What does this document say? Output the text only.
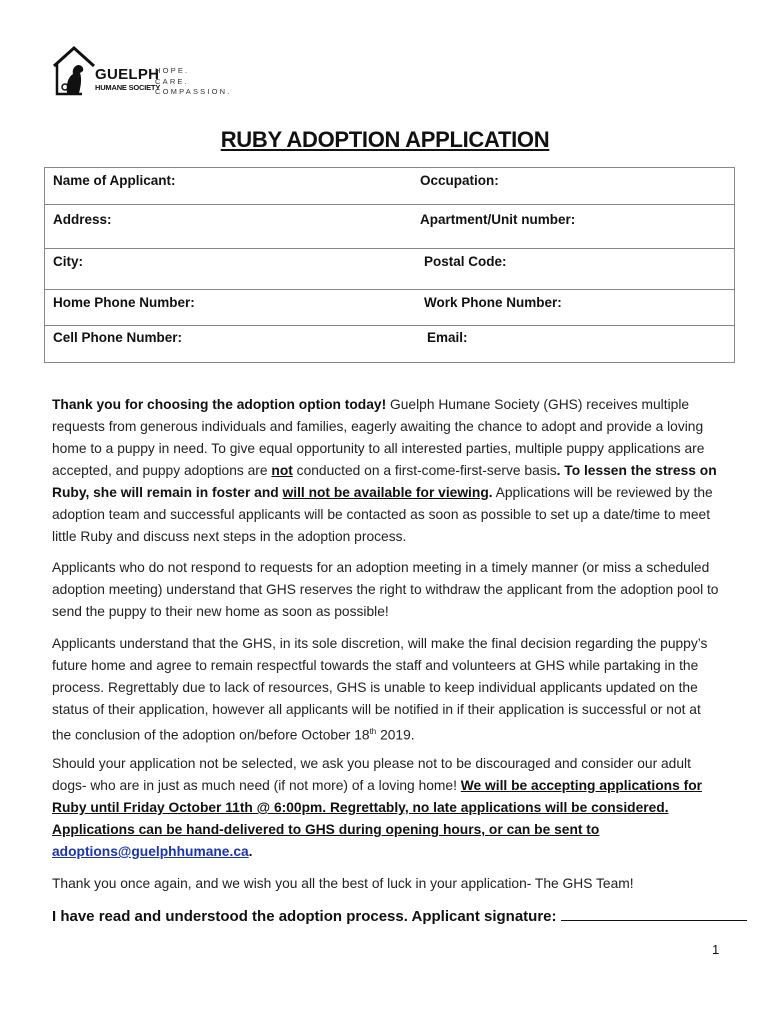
GUELPH
HUMANE SOCIETY
HOPE.
CARE.
COMPASSION.
RUBY ADOPTION APPLICATION
Name of Applicant:	Occupation:
Address:	Apartment/Unit number:
City:	Postal Code:
Home Phone Number:	Work Phone Number:
Cell Phone Number:	Email:

Thank you for choosing the adoption option today! Guelph Humane Society (GHS) receives multiple requests from generous individuals and families, eagerly awaiting the chance to adopt and provide a loving home to a puppy in need. To give equal opportunity to all interested parties, multiple puppy applications are accepted, and puppy adoptions are not conducted on a first-come-first-serve basis. To lessen the stress on Ruby, she will remain in foster and will not be available for viewing. Applications will be reviewed by the adoption team and successful applicants will be contacted as soon as possible to set up a date/time to meet little Ruby and discuss next steps in the adoption process.

Applicants who do not respond to requests for an adoption meeting in a timely manner (or miss a scheduled adoption meeting) understand that GHS reserves the right to withdraw the applicant from the adoption pool to send the puppy to their new home as soon as possible!

Applicants understand that the GHS, in its sole discretion, will make the final decision regarding the puppy’s future home and agree to remain respectful towards the staff and volunteers at GHS while partaking in the process. Regrettably due to lack of resources, GHS is unable to keep individual applicants updated on the status of their application, however all applicants will be notified in if their application is successful or not at the conclusion of the adoption on/before October 18th 2019.

Should your application not be selected, we ask you please not to be discouraged and consider our adult dogs- who are in just as much need (if not more) of a loving home! We will be accepting applications for Ruby until Friday October 11th @ 6:00pm. Regrettably, no late applications will be considered. Applications can be hand-delivered to GHS during opening hours, or can be sent to adoptions@guelphhumane.ca.

Thank you once again, and we wish you all the best of luck in your application- The GHS Team!

I have read and understood the adoption process. Applicant signature:
1
